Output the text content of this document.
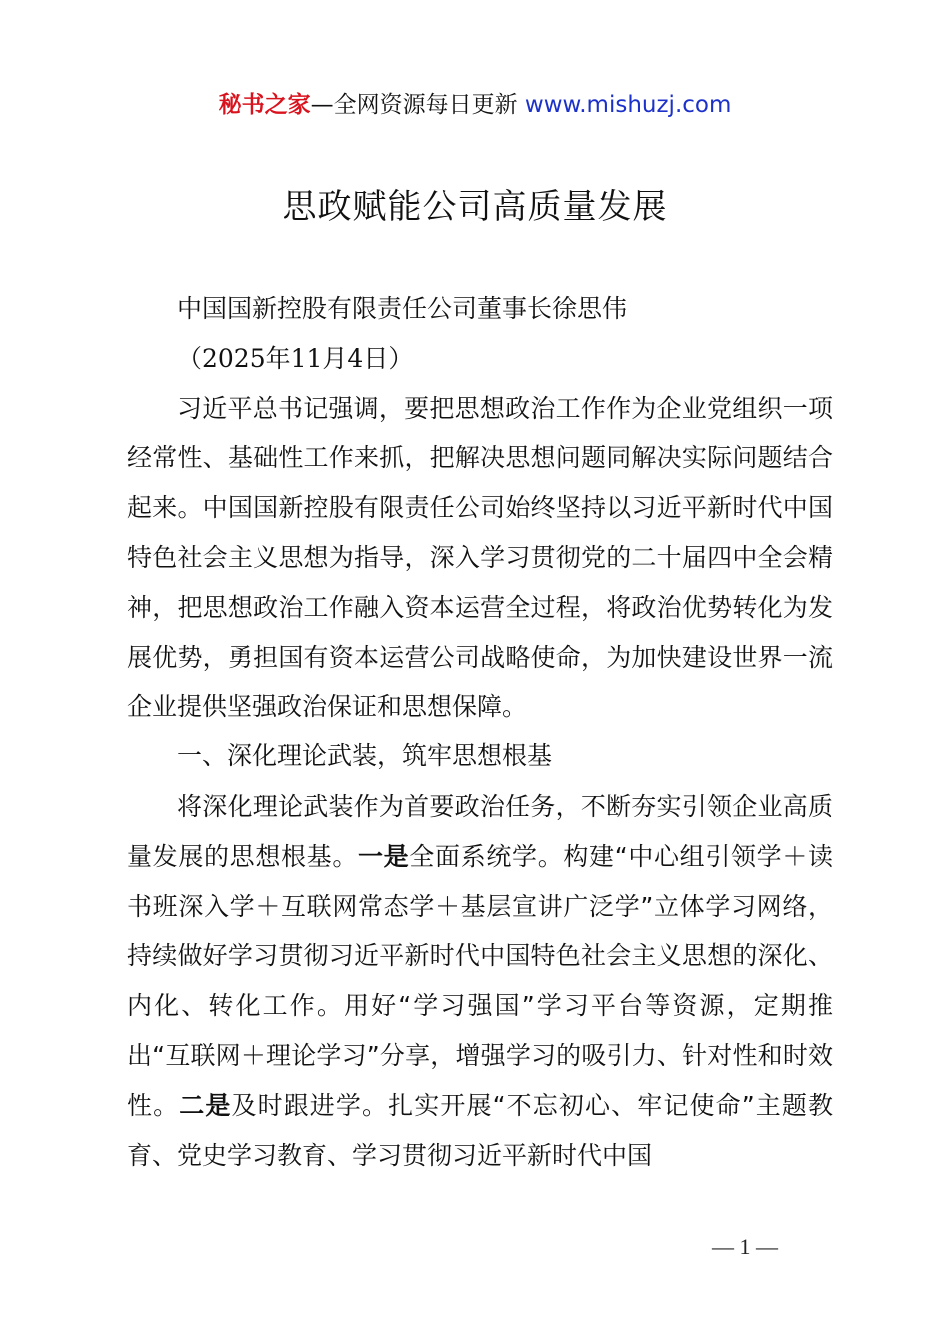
秘书之家—全网资源每日更新 www.mishuzj.com
思政赋能公司高质量发展

中国国新控股有限责任公司董事长徐思伟

（2025年11月4日）

习近平总书记强调，要把思想政治工作作为企业党组织一项经常性、基础性工作来抓，把解决思想问题同解决实际问题结合起来。中国国新控股有限责任公司始终坚持以习近平新时代中国特色社会主义思想为指导，深入学习贯彻党的二十届四中全会精神，把思想政治工作融入资本运营全过程，将政治优势转化为发展优势，勇担国有资本运营公司战略使命，为加快建设世界一流企业提供坚强政治保证和思想保障。

一、深化理论武装，筑牢思想根基

将深化理论武装作为首要政治任务，不断夯实引领企业高质量发展的思想根基。一是全面系统学。构建“中心组引领学＋读书班深入学＋互联网常态学＋基层宣讲广泛学”立体学习网络，持续做好学习贯彻习近平新时代中国特色社会主义思想的深化、内化、转化工作。用好“学习强国”学习平台等资源，定期推出“互联网＋理论学习”分享，增强学习的吸引力、针对性和时效性。二是及时跟进学。扎实开展“不忘初心、牢记使命”主题教育、党史学习教育、学习贯彻习近平新时代中国

— 1 —
